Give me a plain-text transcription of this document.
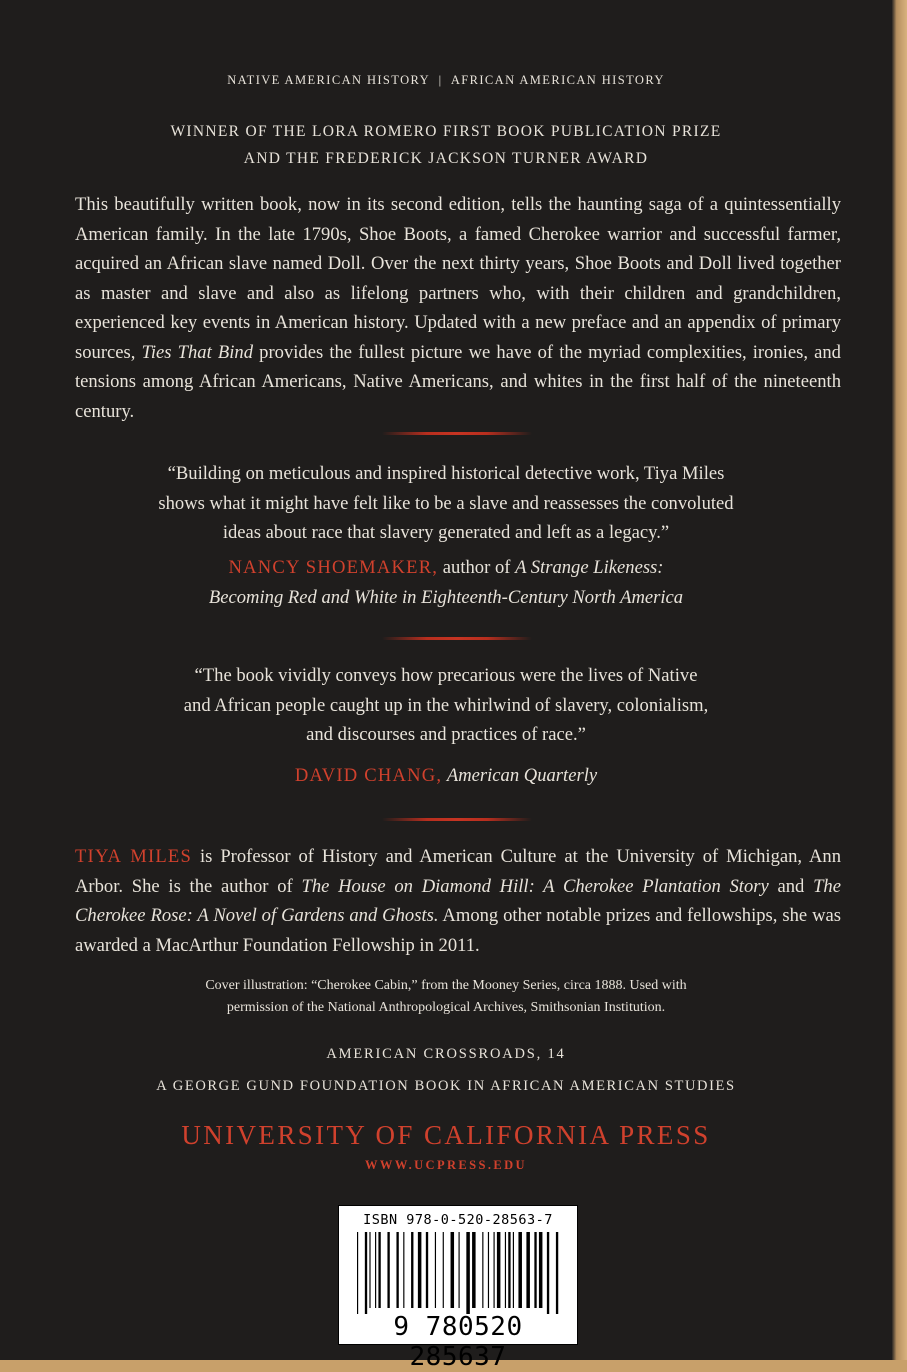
NATIVE AMERICAN HISTORY  |  AFRICAN AMERICAN HISTORY
WINNER OF THE LORA ROMERO FIRST BOOK PUBLICATION PRIZE
AND THE FREDERICK JACKSON TURNER AWARD
This beautifully written book, now in its second edition, tells the haunting saga of a quintessentially American family. In the late 1790s, Shoe Boots, a famed Cherokee warrior and successful farmer, acquired an African slave named Doll. Over the next thirty years, Shoe Boots and Doll lived together as master and slave and also as lifelong partners who, with their children and grandchildren, experienced key events in American history. Updated with a new preface and an appendix of primary sources, Ties That Bind provides the fullest picture we have of the myriad complexities, ironies, and tensions among African Americans, Native Americans, and whites in the first half of the nineteenth century.
“Building on meticulous and inspired historical detective work, Tiya Miles
shows what it might have felt like to be a slave and reassesses the convoluted
ideas about race that slavery generated and left as a legacy.”
NANCY SHOEMAKER, author of A Strange Likeness:
Becoming Red and White in Eighteenth-Century North America
“The book vividly conveys how precarious were the lives of Native
and African people caught up in the whirlwind of slavery, colonialism,
and discourses and practices of race.”
DAVID CHANG, American Quarterly
TIYA MILES is Professor of History and American Culture at the University of Michigan, Ann Arbor. She is the author of The House on Diamond Hill: A Cherokee Plantation Story and The Cherokee Rose: A Novel of Gardens and Ghosts. Among other notable prizes and fellowships, she was awarded a MacArthur Foundation Fellowship in 2011.
Cover illustration: “Cherokee Cabin,” from the Mooney Series, circa 1888. Used with
permission of the National Anthropological Archives, Smithsonian Institution.
AMERICAN CROSSROADS, 14
A GEORGE GUND FOUNDATION BOOK IN AFRICAN AMERICAN STUDIES
UNIVERSITY OF CALIFORNIA PRESS
WWW.UCPRESS.EDU
ISBN 978-0-520-28563-7
9 780520 285637
